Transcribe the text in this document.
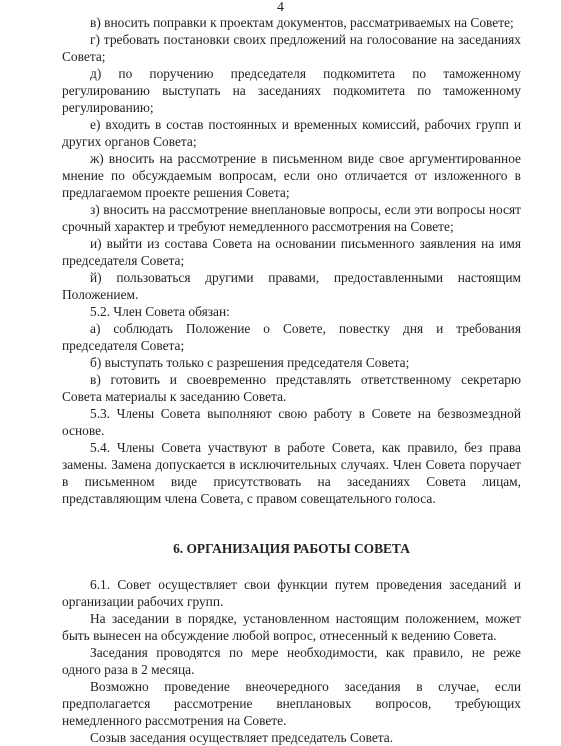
4

в) вносить поправки к проектам документов, рассматриваемых на Совете;

г) требовать постановки своих предложений на голосование на заседаниях Совета;

д) по поручению председателя подкомитета по таможенному регулированию выступать на заседаниях подкомитета по таможенному регулированию;

е) входить в состав постоянных и временных комиссий, рабочих групп и других органов Совета;

ж) вносить на рассмотрение в письменном виде свое аргументированное мнение по обсуждаемым вопросам, если оно отличается от изложенного в предлагаемом проекте решения Совета;

з) вносить на рассмотрение внеплановые вопросы, если эти вопросы носят срочный характер и требуют немедленного рассмотрения на Совете;

и) выйти из состава Совета на основании письменного заявления на имя председателя Совета;

й) пользоваться другими правами, предоставленными настоящим Положением.

5.2. Член Совета обязан:

а) соблюдать Положение о Совете, повестку дня и требования председателя Совета;

б) выступать только с разрешения председателя Совета;

в) готовить и своевременно представлять ответственному секретарю Совета материалы к заседанию Совета.

5.3. Члены Совета выполняют свою работу в Совете на безвозмездной основе.

5.4. Члены Совета участвуют в работе Совета, как правило, без права замены. Замена допускается в исключительных случаях. Член Совета поручает в письменном виде присутствовать на заседаниях Совета лицам, представляющим члена Совета, с правом совещательного голоса.

6. ОРГАНИЗАЦИЯ РАБОТЫ СОВЕТА

6.1. Совет осуществляет свои функции путем проведения заседаний и организации рабочих групп.

На заседании в порядке, установленном настоящим положением, может быть вынесен на обсуждение любой вопрос, отнесенный к ведению Совета.

Заседания проводятся по мере необходимости, как правило, не реже одного раза в 2 месяца.

Возможно проведение внеочередного заседания в случае, если предполагается рассмотрение внеплановых вопросов, требующих немедленного рассмотрения на Совете.

Созыв заседания осуществляет председатель Совета.
